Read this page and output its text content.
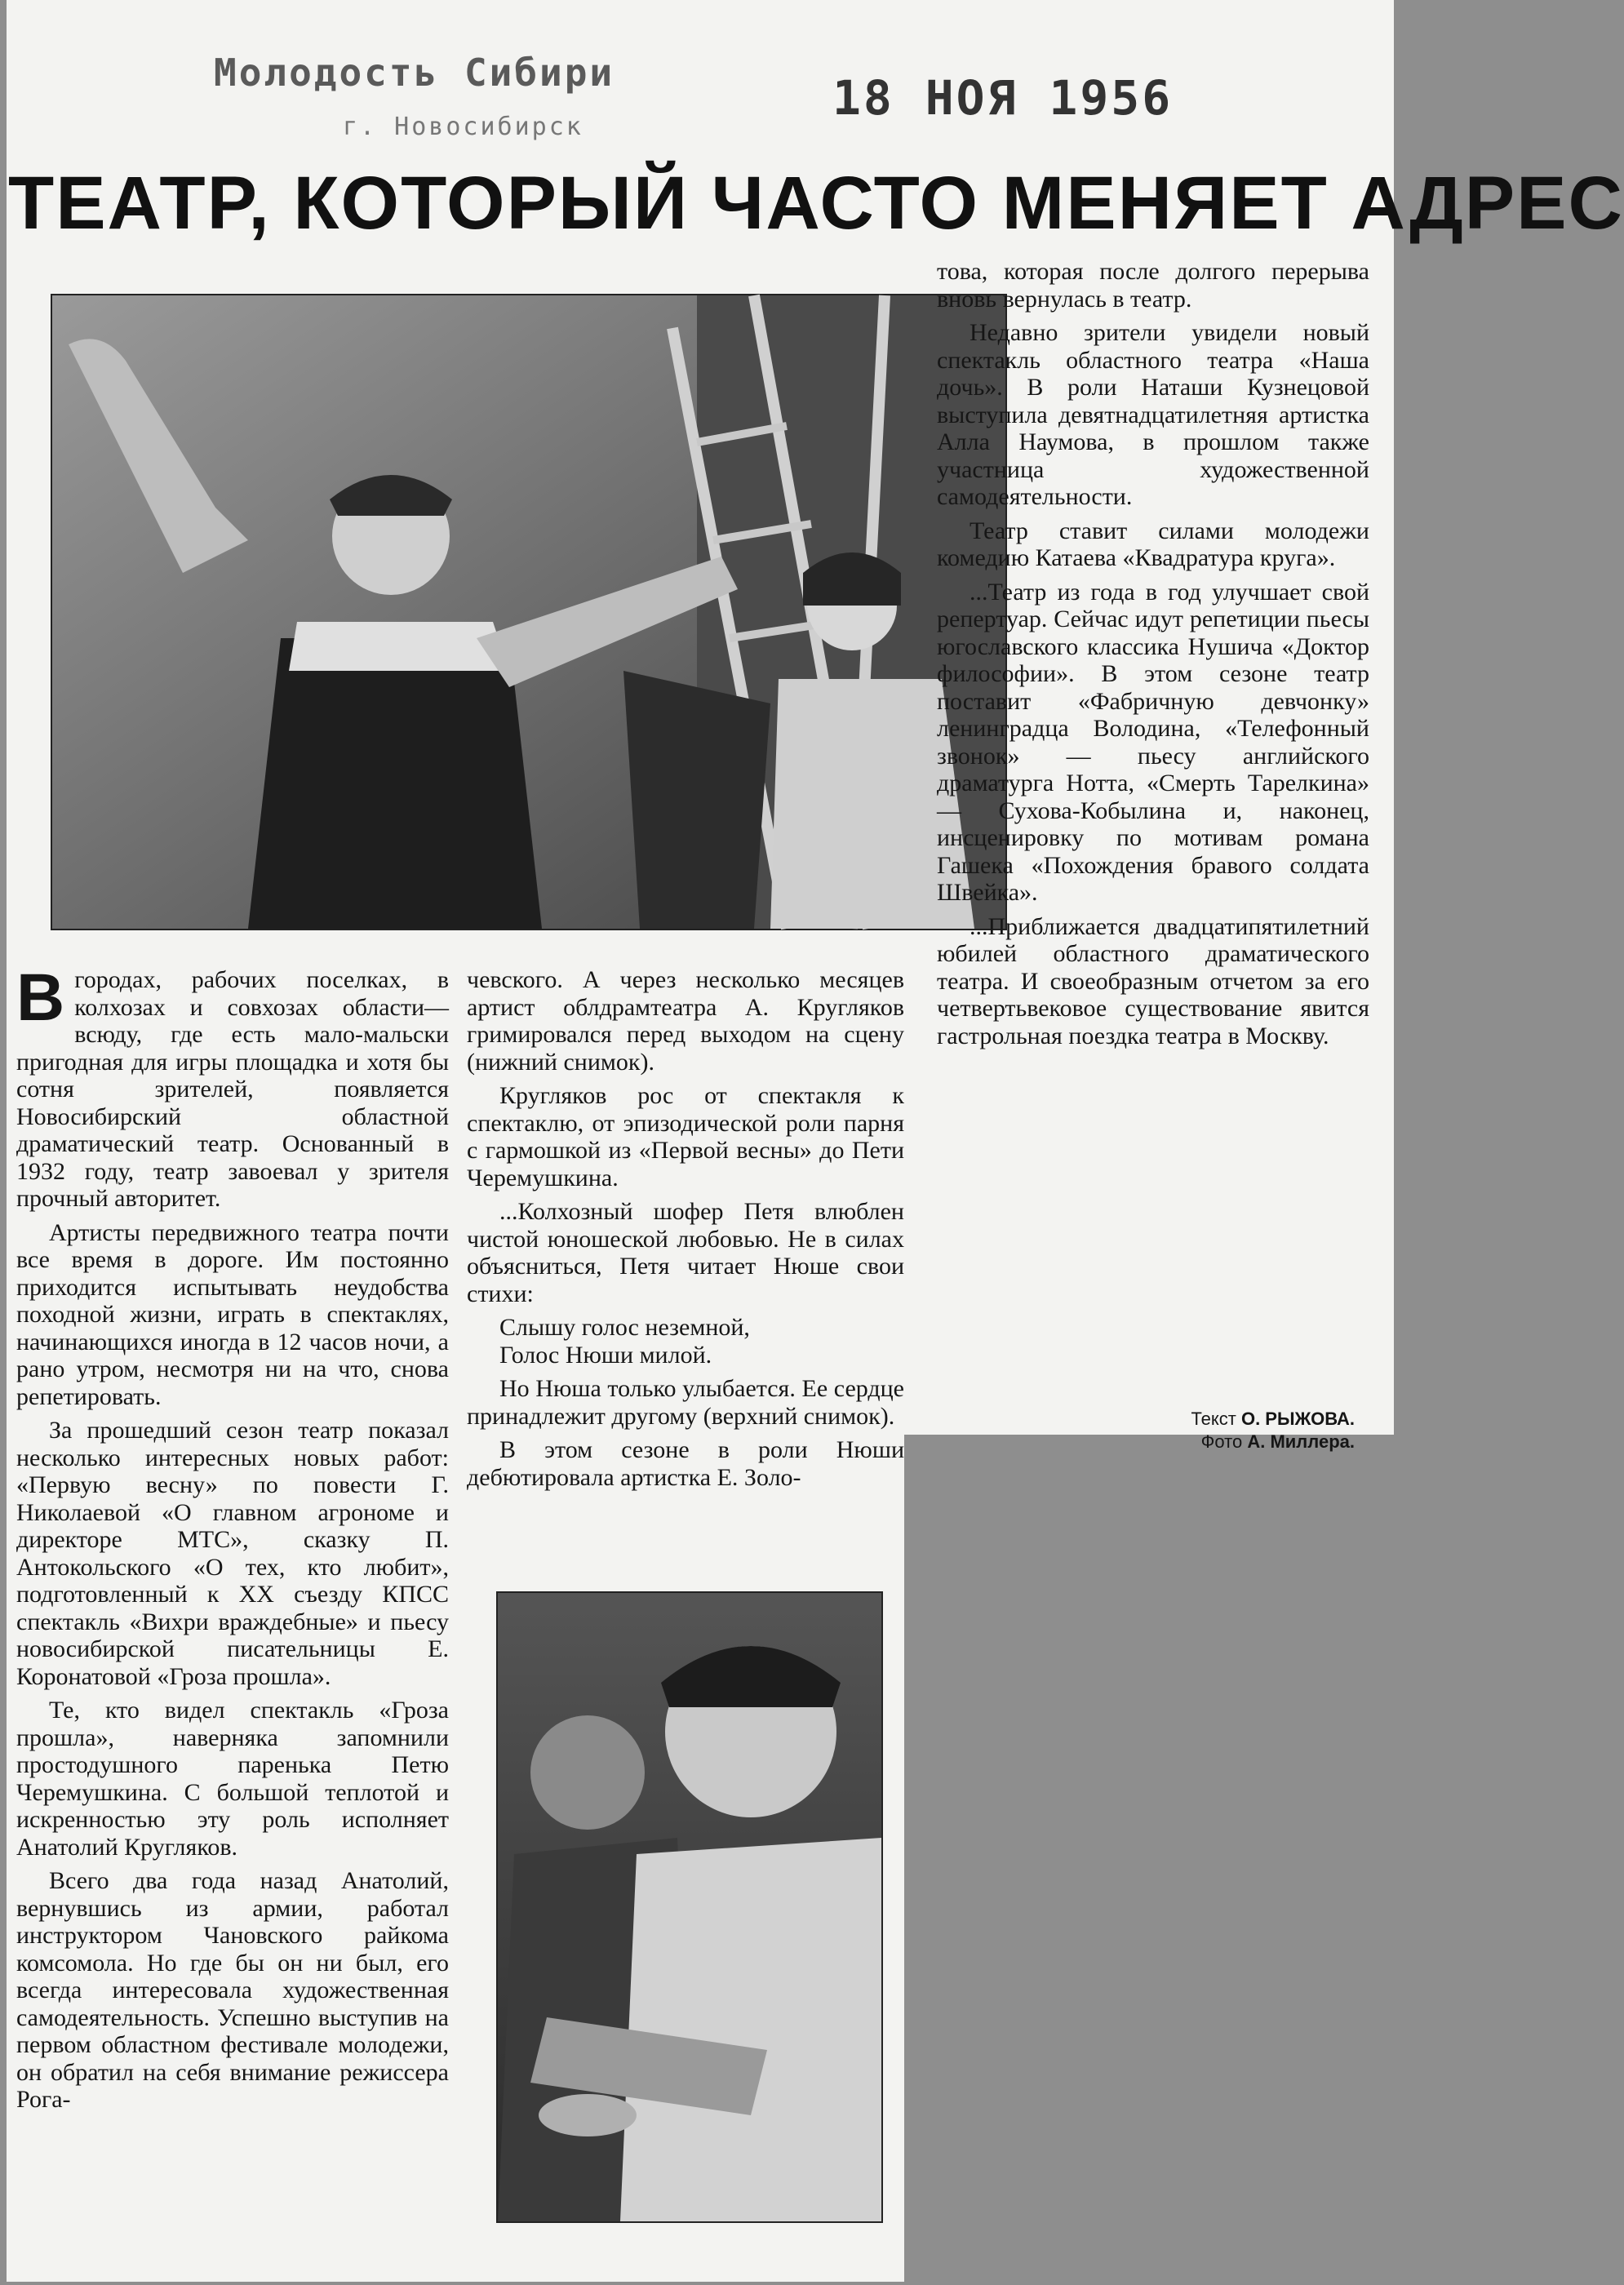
Молодость Сибири
г. Новосибирск
18 НОЯ 1956
ТЕАТР, КОТОРЫЙ ЧАСТО МЕНЯЕТ АДРЕС

Вгородах, рабочих поселках, в колхозах и совхозах области—всюду, где есть мало-мальски пригодная для игры площадка и хотя бы сотня зрителей, появляется Новосибирский областной драматический театр. Основанный в 1932 году, театр завоевал у зрителя прочный авторитет.

Артисты передвижного театра почти все время в дороге. Им постоянно приходится испытывать неудобства походной жизни, играть в спектаклях, начинающихся иногда в 12 часов ночи, а рано утром, несмотря ни на что, снова репетировать.

За прошедший сезон театр показал несколько интересных новых работ: «Первую весну» по повести Г. Николаевой «О главном агрономе и директоре МТС», сказку П. Антокольского «О тех, кто любит», подготовленный к XX съезду КПСС спектакль «Вихри враждебные» и пьесу новосибирской писательницы Е. Коронатовой «Гроза прошла».

Те, кто видел спектакль «Гроза прошла», наверняка запомнили простодушного паренька Петю Черемушкина. С большой теплотой и искренностью эту роль исполняет Анатолий Кругляков.

Всего два года назад Анатолий, вернувшись из армии, работал инструктором Чановского райкома комсомола. Но где бы он ни был, его всегда интересовала художественная самодеятельность. Успешно выступив на первом областном фестивале молодежи, он обратил на себя внимание режиссера Рога-

чевского. А через несколько месяцев артист облдрамтеатра А. Кругляков гримировался перед выходом на сцену (нижний снимок).

Кругляков рос от спектакля к спектаклю, от эпизодической роли парня с гармошкой из «Первой весны» до Пети Черемушкина.

...Колхозный шофер Петя влюблен чистой юношеской любовью. Не в силах объясниться, Петя читает Нюше свои стихи:

Слышу голос неземной,

Голос Нюши милой.

Но Нюша только улыбается. Ее сердце принадлежит другому (верхний снимок).

В этом сезоне в роли Нюши дебютировала артистка Е. Золо-

това, которая после долгого перерыва вновь вернулась в театр.

Недавно зрители увидели новый спектакль областного театра «Наша дочь». В роли Наташи Кузнецовой выступила девятнадцатилетняя артистка Алла Наумова, в прошлом также участница художественной самодеятельности.

Театр ставит силами молодежи комедию Катаева «Квадратура круга».

...Театр из года в год улучшает свой репертуар. Сейчас идут репетиции пьесы югославского классика Нушича «Доктор философии». В этом сезоне театр поставит «Фабричную девчонку» ленинградца Володина, «Телефонный звонок» — пьесу английского драматурга Нотта, «Смерть Тарелкина» — Сухова-Кобылина и, наконец, инсценировку по мотивам романа Гашека «Похождения бравого солдата Швейка».

...Приближается двадцатипятилетний юбилей областного драматического театра. И своеобразным отчетом за его четвертьвековое существование явится гастрольная поездка театра в Москву.

Текст О. РЫЖОВА.
Фото А. Миллера.
